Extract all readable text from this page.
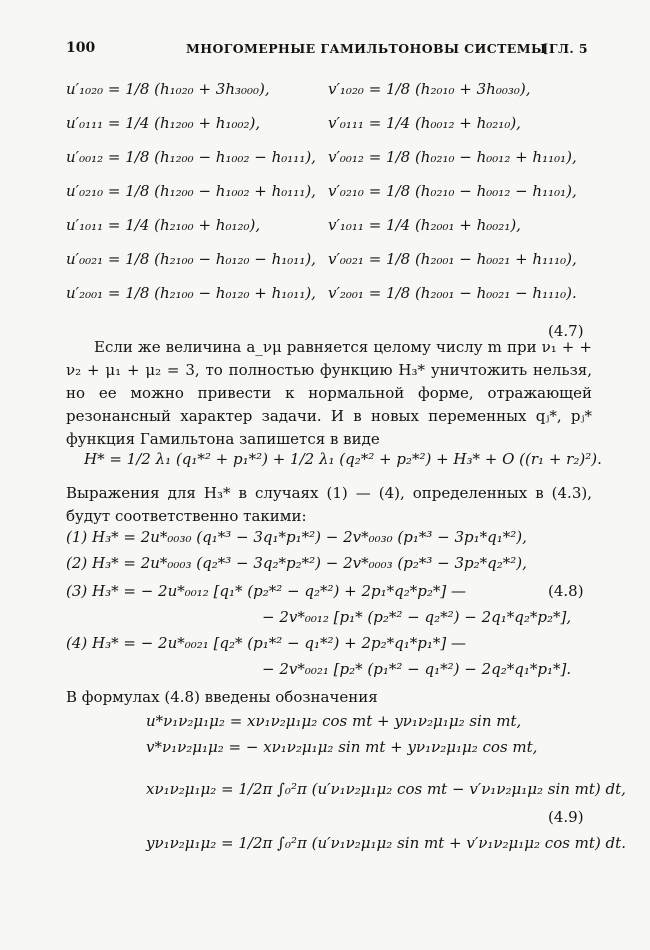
100	МНОГОМЕРНЫЕ ГАМИЛЬТОНОВЫ СИСТЕМЫ
[ГЛ. 5
u′₁₀₂₀ = 1/8 (h₁₀₂₀ + 3h₃₀₀₀),	v′₁₀₂₀ = 1/8 (h₂₀₁₀ + 3h₀₀₃₀),
u′₀₁₁₁ = 1/4 (h₁₂₀₀ + h₁₀₀₂),	v′₀₁₁₁ = 1/4 (h₀₀₁₂ + h₀₂₁₀),
u′₀₀₁₂ = 1/8 (h₁₂₀₀ − h₁₀₀₂ − h₀₁₁₁), v′₀₀₁₂ = 1/8 (h₀₂₁₀ − h₀₀₁₂ + h₁₁₀₁),
u′₀₂₁₀ = 1/8 (h₁₂₀₀ − h₁₀₀₂ + h₀₁₁₁), v′₀₂₁₀ = 1/8 (h₀₂₁₀ − h₀₀₁₂ − h₁₁₀₁),
u′₁₀₁₁ = 1/4 (h₂₁₀₀ + h₀₁₂₀),	v′₁₀₁₁ = 1/4 (h₂₀₀₁ + h₀₀₂₁),
u′₀₀₂₁ = 1/8 (h₂₁₀₀ − h₀₁₂₀ − h₁₀₁₁), v′₀₀₂₁ = 1/8 (h₂₀₀₁ − h₀₀₂₁ + h₁₁₁₀),
u′₂₀₀₁ = 1/8 (h₂₁₀₀ − h₀₁₂₀ + h₁₀₁₁), v′₂₀₀₁ = 1/8 (h₂₀₀₁ − h₀₀₂₁ − h₁₁₁₀).
(4.7)

Если же величина a_νμ равняется целому числу m при ν₁ + + ν₂ + μ₁ + μ₂ = 3, то полностью функцию H₃* уничтожить нельзя, но ее можно привести к нормальной форме, отражающей резонансный характер задачи. И в новых переменных qⱼ*, pⱼ* функция Гамильтона запишется в виде

H* = 1/2 λ₁ (q₁*² + p₁*²) + 1/2 λ₁ (q₂*² + p₂*²) + H₃* + O ((r₁ + r₂)²).

Выражения для H₃* в случаях (1) — (4), определенных в (4.3), будут соответственно такими:

(1) H₃* = 2u*₀₀₃₀ (q₁*³ − 3q₁*p₁*²) − 2v*₀₀₃₀ (p₁*³ − 3p₁*q₁*²),
(2) H₃* = 2u*₀₀₀₃ (q₂*³ − 3q₂*p₂*²) − 2v*₀₀₀₃ (p₂*³ − 3p₂*q₂*²),
(3) H₃* = − 2u*₀₀₁₂ [q₁* (p₂*² − q₂*²) + 2p₁*q₂*p₂*] —
− 2v*₀₀₁₂ [p₁* (p₂*² − q₂*²) − 2q₁*q₂*p₂*],
(4.8)
(4) H₃* = − 2u*₀₀₂₁ [q₂* (p₁*² − q₁*²) + 2p₂*q₁*p₁*] —
− 2v*₀₀₂₁ [p₂* (p₁*² − q₁*²) − 2q₂*q₁*p₁*].

В формулах (4.8) введены обозначения

u*ν₁ν₂μ₁μ₂ = xν₁ν₂μ₁μ₂ cos mt + yν₁ν₂μ₁μ₂ sin mt,
v*ν₁ν₂μ₁μ₂ = − xν₁ν₂μ₁μ₂ sin mt + yν₁ν₂μ₁μ₂ cos mt,
xν₁ν₂μ₁μ₂ = 1/2π ∫₀²π (u′ν₁ν₂μ₁μ₂ cos mt − v′ν₁ν₂μ₁μ₂ sin mt) dt,
yν₁ν₂μ₁μ₂ = 1/2π ∫₀²π (u′ν₁ν₂μ₁μ₂ sin mt + v′ν₁ν₂μ₁μ₂ cos mt) dt.
(4.9)
